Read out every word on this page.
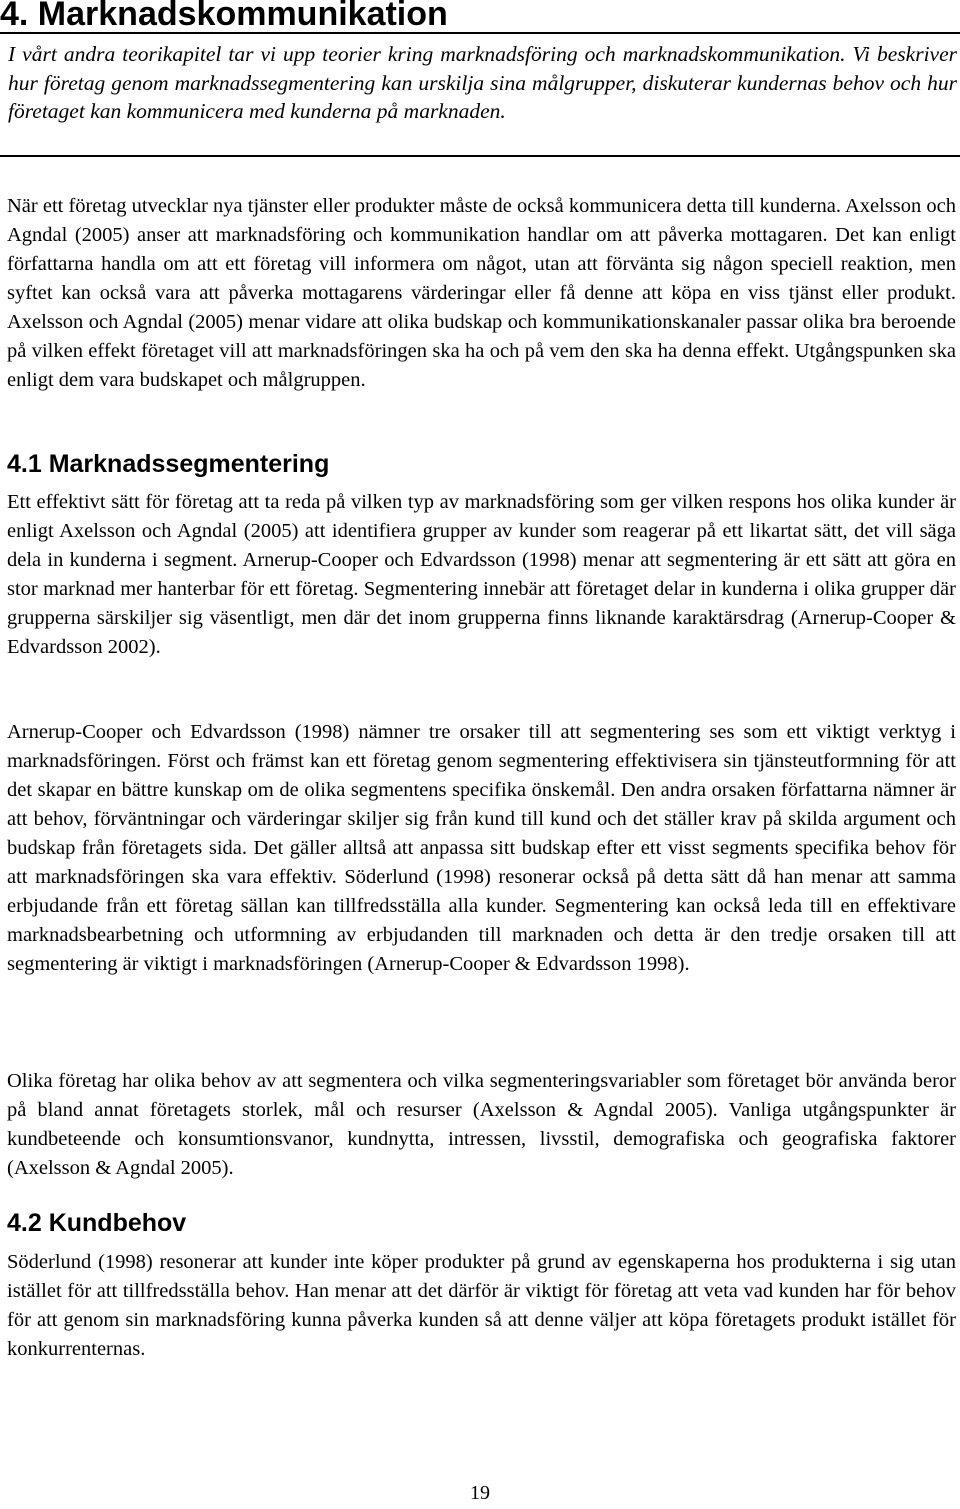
4. Marknadskommunikation

I vårt andra teorikapitel tar vi upp teorier kring marknadsföring och marknadskommunikation. Vi beskriver hur företag genom marknadssegmentering kan urskilja sina målgrupper, diskuterar kundernas behov och hur företaget kan kommunicera med kunderna på marknaden.

När ett företag utvecklar nya tjänster eller produkter måste de också kommunicera detta till kunderna. Axelsson och Agndal (2005) anser att marknadsföring och kommunikation handlar om att påverka mottagaren. Det kan enligt författarna handla om att ett företag vill informera om något, utan att förvänta sig någon speciell reaktion, men syftet kan också vara att påverka mottagarens värderingar eller få denne att köpa en viss tjänst eller produkt. Axelsson och Agndal (2005) menar vidare att olika budskap och kommunikationskanaler passar olika bra beroende på vilken effekt företaget vill att marknadsföringen ska ha och på vem den ska ha denna effekt. Utgångspunken ska enligt dem vara budskapet och målgruppen.

4.1 Marknadssegmentering

Ett effektivt sätt för företag att ta reda på vilken typ av marknadsföring som ger vilken respons hos olika kunder är enligt Axelsson och Agndal (2005) att identifiera grupper av kunder som reagerar på ett likartat sätt, det vill säga dela in kunderna i segment. Arnerup-Cooper och Edvardsson (1998) menar att segmentering är ett sätt att göra en stor marknad mer hanterbar för ett företag. Segmentering innebär att företaget delar in kunderna i olika grupper där grupperna särskiljer sig väsentligt, men där det inom grupperna finns liknande karaktärsdrag (Arnerup-Cooper & Edvardsson 2002).

Arnerup-Cooper och Edvardsson (1998) nämner tre orsaker till att segmentering ses som ett viktigt verktyg i marknadsföringen. Först och främst kan ett företag genom segmentering effektivisera sin tjänsteutformning för att det skapar en bättre kunskap om de olika segmentens specifika önskemål. Den andra orsaken författarna nämner är att behov, förväntningar och värderingar skiljer sig från kund till kund och det ställer krav på skilda argument och budskap från företagets sida. Det gäller alltså att anpassa sitt budskap efter ett visst segments specifika behov för att marknadsföringen ska vara effektiv. Söderlund (1998) resonerar också på detta sätt då han menar att samma erbjudande från ett företag sällan kan tillfredsställa alla kunder. Segmentering kan också leda till en effektivare marknadsbearbetning och utformning av erbjudanden till marknaden och detta är den tredje orsaken till att segmentering är viktigt i marknadsföringen (Arnerup-Cooper & Edvardsson 1998).

Olika företag har olika behov av att segmentera och vilka segmenteringsvariabler som företaget bör använda beror på bland annat företagets storlek, mål och resurser (Axelsson & Agndal 2005). Vanliga utgångspunkter är kundbeteende och konsumtionsvanor, kundnytta, intressen, livsstil, demografiska och geografiska faktorer (Axelsson & Agndal 2005).

4.2 Kundbehov

Söderlund (1998) resonerar att kunder inte köper produkter på grund av egenskaperna hos produkterna i sig utan istället för att tillfredsställa behov. Han menar att det därför är viktigt för företag att veta vad kunden har för behov för att genom sin marknadsföring kunna påverka kunden så att denne väljer att köpa företagets produkt istället för konkurrenternas.

19
